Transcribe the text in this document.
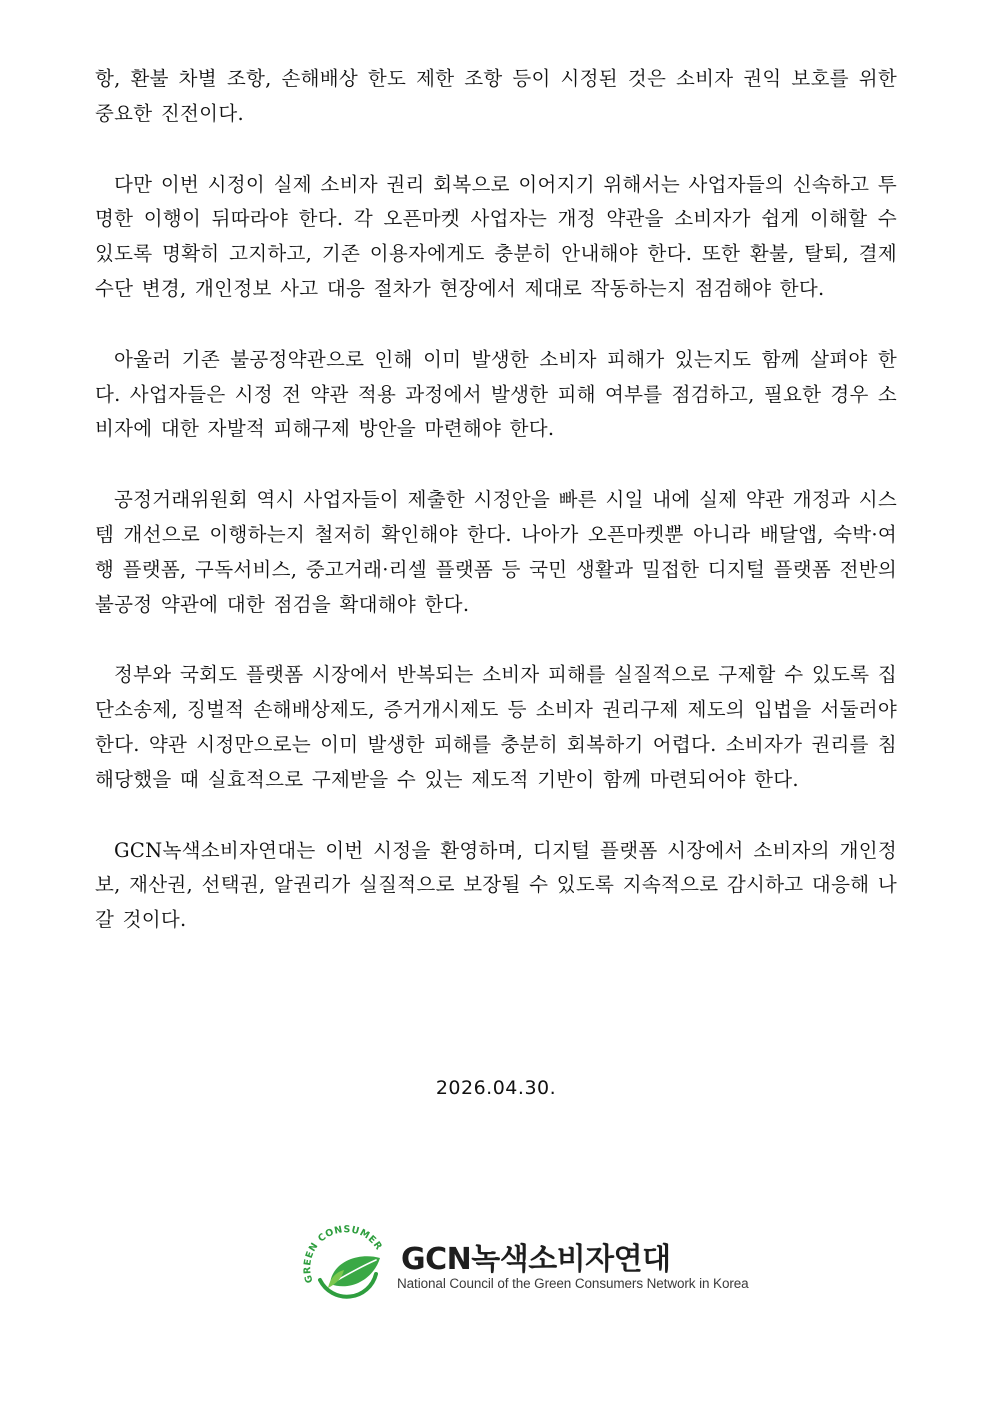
항, 환불 차별 조항, 손해배상 한도 제한 조항 등이 시정된 것은 소비자 권익 보호를 위한 중요한 진전이다.

다만 이번 시정이 실제 소비자 권리 회복으로 이어지기 위해서는 사업자들의 신속하고 투명한 이행이 뒤따라야 한다. 각 오픈마켓 사업자는 개정 약관을 소비자가 쉽게 이해할 수 있도록 명확히 고지하고, 기존 이용자에게도 충분히 안내해야 한다. 또한 환불, 탈퇴, 결제수단 변경, 개인정보 사고 대응 절차가 현장에서 제대로 작동하는지 점검해야 한다.

아울러 기존 불공정약관으로 인해 이미 발생한 소비자 피해가 있는지도 함께 살펴야 한다. 사업자들은 시정 전 약관 적용 과정에서 발생한 피해 여부를 점검하고, 필요한 경우 소비자에 대한 자발적 피해구제 방안을 마련해야 한다.

공정거래위원회 역시 사업자들이 제출한 시정안을 빠른 시일 내에 실제 약관 개정과 시스템 개선으로 이행하는지 철저히 확인해야 한다. 나아가 오픈마켓뿐 아니라 배달앱, 숙박·여행 플랫폼, 구독서비스, 중고거래·리셀 플랫폼 등 국민 생활과 밀접한 디지털 플랫폼 전반의 불공정 약관에 대한 점검을 확대해야 한다.

정부와 국회도 플랫폼 시장에서 반복되는 소비자 피해를 실질적으로 구제할 수 있도록 집단소송제, 징벌적 손해배상제도, 증거개시제도 등 소비자 권리구제 제도의 입법을 서둘러야 한다. 약관 시정만으로는 이미 발생한 피해를 충분히 회복하기 어렵다. 소비자가 권리를 침해당했을 때 실효적으로 구제받을 수 있는 제도적 기반이 함께 마련되어야 한다.

GCN녹색소비자연대는 이번 시정을 환영하며, 디지털 플랫폼 시장에서 소비자의 개인정보, 재산권, 선택권, 알권리가 실질적으로 보장될 수 있도록 지속적으로 감시하고 대응해 나갈 것이다.

2026.04.30.
GREEN CONSUMER GCN녹색소비자연대
National Council of the Green Consumers Network in Korea
